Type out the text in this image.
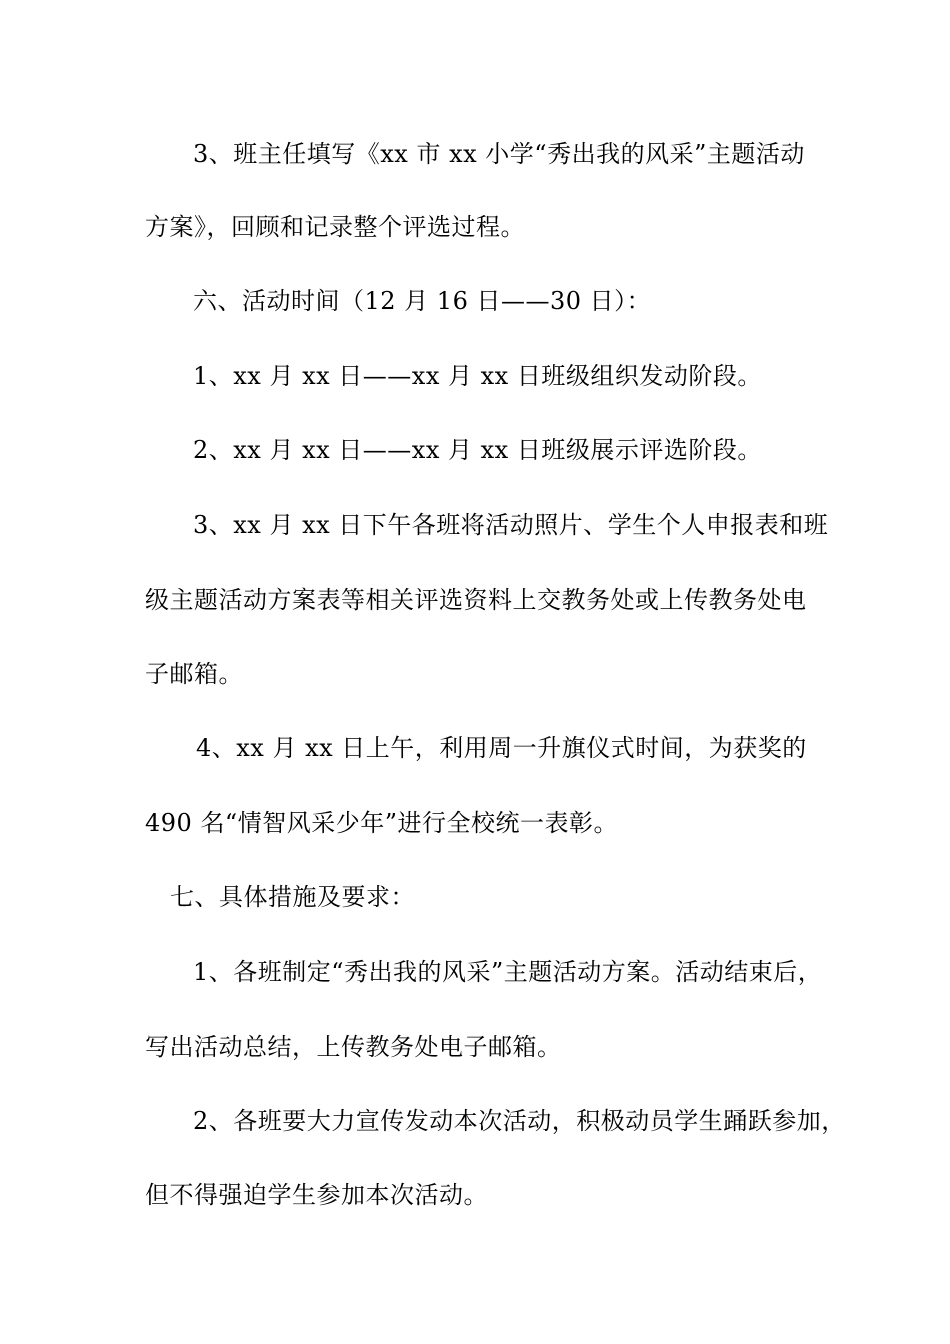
3、班主任填写《xx 市 xx 小学“秀出我的风采”主题活动
方案》，回顾和记录整个评选过程。
六、活动时间（12 月 16 日——30 日）：
1、xx 月 xx 日——xx 月 xx 日班级组织发动阶段。
2、xx 月 xx 日——xx 月 xx 日班级展示评选阶段。
3、xx 月 xx 日下午各班将活动照片、学生个人申报表和班
级主题活动方案表等相关评选资料上交教务处或上传教务处电
子邮箱。
4、xx 月 xx 日上午，利用周一升旗仪式时间，为获奖的
490 名“情智风采少年”进行全校统一表彰。
七、具体措施及要求：
1、各班制定“秀出我的风采”主题活动方案。活动结束后，
写出活动总结，上传教务处电子邮箱。
2、各班要大力宣传发动本次活动，积极动员学生踊跃参加，
但不得强迫学生参加本次活动。
